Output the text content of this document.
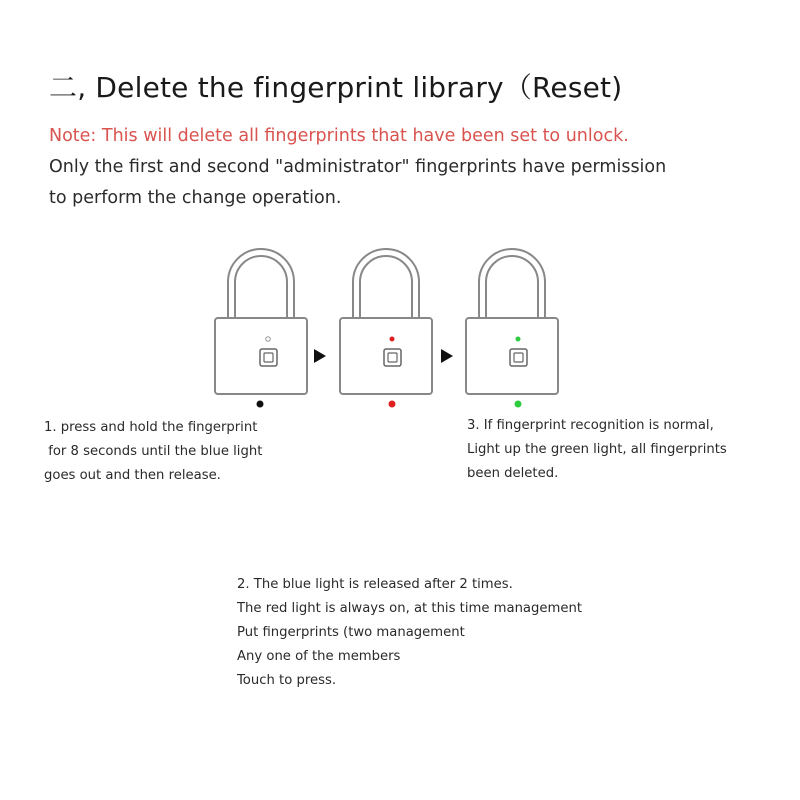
二, Delete the fingerprint library（Reset)
Note: This will delete all fingerprints that have been set to unlock.
Only the first and second "administrator" fingerprints have permission
to perform the change operation.
1. press and hold the fingerprint
for 8 seconds until the blue light
goes out and then release.
3. If fingerprint recognition is normal,
Light up the green light, all fingerprints
been deleted.
2. The blue light is released after 2 times.
The red light is always on, at this time management
Put fingerprints (two management
Any one of the members
Touch to press.
